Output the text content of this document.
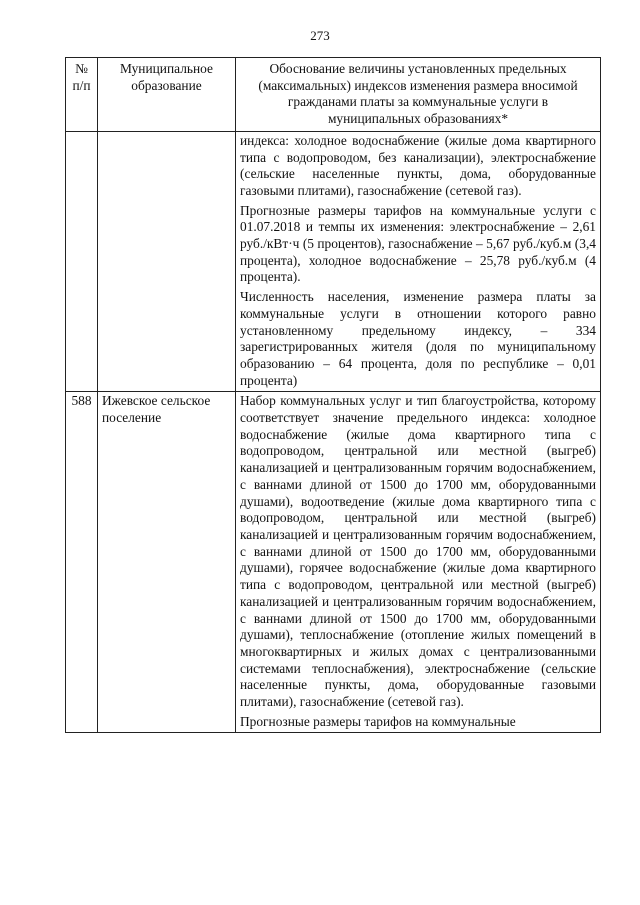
273
№ п/п	Муниципальное образование	Обоснование величины установленных предельных (максимальных) индексов изменения размера вносимой гражданами платы за коммунальные услуги в муниципальных образованиях*

		индекса: холодное водоснабжение (жилые дома квартирного типа с водопроводом, без канализации), электроснабжение (сельские населенные пункты, дома, оборудованные газовыми плитами), газоснабжение (сетевой газ).

Прогнозные размеры тарифов на коммунальные услуги с 01.07.2018 и темпы их изменения: электроснабжение – 2,61 руб./кВт·ч (5 процентов), газоснабжение – 5,67 руб./куб.м (3,4 процента), холодное водоснабжение – 25,78 руб./куб.м (4 процента).

Численность населения, изменение размера платы за коммунальные услуги в отношении которого равно установленному предельному индексу, – 334 зарегистрированных жителя (доля по муниципальному образованию – 64 процента, доля по республике – 0,01 процента)

588	Ижевское сельское поселение	Набор коммунальных услуг и тип благоустройства, которому соответствует значение предельного индекса: холодное водоснабжение (жилые дома квартирного типа с водопроводом, центральной или местной (выгреб) канализацией и централизованным горячим водоснабжением, с ваннами длиной от 1500 до 1700 мм, оборудованными душами), водоотведение (жилые дома квартирного типа с водопроводом, центральной или местной (выгреб) канализацией и централизованным горячим водоснабжением, с ваннами длиной от 1500 до 1700 мм, оборудованными душами), горячее водоснабжение (жилые дома квартирного типа с водопроводом, центральной или местной (выгреб) канализацией и централизованным горячим водоснабжением, с ваннами длиной от 1500 до 1700 мм, оборудованными душами), теплоснабжение (отопление жилых помещений в многоквартирных и жилых домах с централизованными системами теплоснабжения), электроснабжение (сельские населенные пункты, дома, оборудованные газовыми плитами), газоснабжение (сетевой газ).

Прогнозные размеры тарифов на коммунальные
